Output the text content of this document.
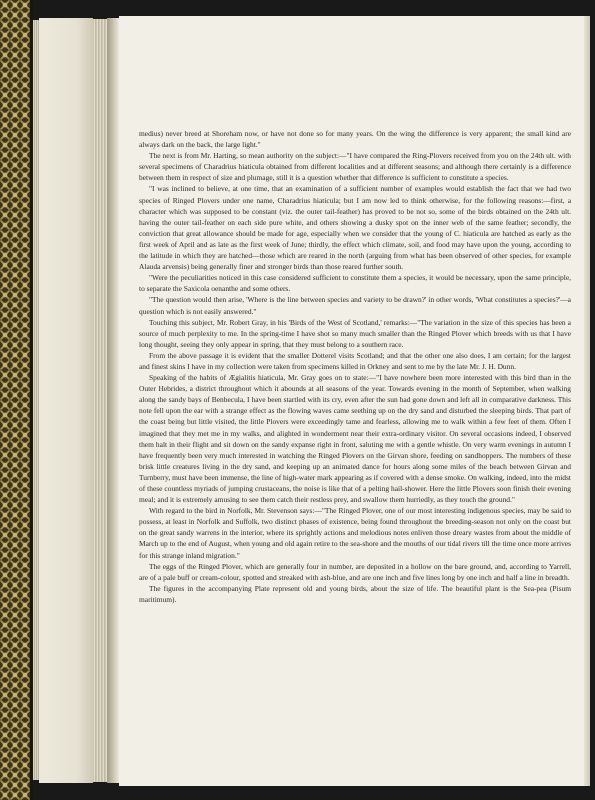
medius) never breed at Shoreham now, or have not done so for many years. On the wing the difference is very apparent; the small kind are always dark on the back, the large light."

The next is from Mr. Harting, so mean authority on the subject:—"I have compared the Ring-Plovers received from you on the 24th ult. with several specimens of Charadrius hiaticula obtained from different localities and at different seasons; and although there certainly is a difference between them in respect of size and plumage, still it is a question whether that difference is sufficient to constitute a species.

"I was inclined to believe, at one time, that an examination of a sufficient number of examples would establish the fact that we had two species of Ringed Plovers under one name, Charadrius hiaticula; but I am now led to think otherwise, for the following reasons:—first, a character which was supposed to be constant (viz. the outer tail-feather) has proved to be not so, some of the birds obtained on the 24th ult. having the outer tail-feather on each side pure white, and others showing a dusky spot on the inner web of the same feather; secondly, the conviction that great allowance should be made for age, especially when we consider that the young of C. hiaticula are hatched as early as the first week of April and as late as the first week of June; thirdly, the effect which climate, soil, and food may have upon the young, according to the latitude in which they are hatched—those which are reared in the north (arguing from what has been observed of other species, for example Alauda arvensis) being generally finer and stronger birds than those reared further south.

"Were the peculiarities noticed in this case considered sufficient to constitute them a species, it would be necessary, upon the same principle, to separate the Saxicola oenanthe and some others.

"The question would then arise, 'Where is the line between species and variety to be drawn?' in other words, 'What constitutes a species?'—a question which is not easily answered."

Touching this subject, Mr. Robert Gray, in his 'Birds of the West of Scotland,' remarks:—"The variation in the size of this species has been a source of much perplexity to me. In the spring-time I have shot so many much smaller than the Ringed Plover which breeds with us that I have long thought, seeing they only appear in spring, that they must belong to a southern race.

From the above passage it is evident that the smaller Dotterel visits Scotland; and that the other one also does, I am certain; for the largest and finest skins I have in my collection were taken from specimens killed in Orkney and sent to me by the late Mr. J. H. Dunn.

Speaking of the habits of Ægialitis hiaticula, Mr. Gray goes on to state:—"I have nowhere been more interested with this bird than in the Outer Hebrides, a district throughout which it abounds at all seasons of the year. Towards evening in the month of September, when walking along the sandy bays of Benbecula, I have been startled with its cry, even after the sun had gone down and left all in comparative darkness. This note fell upon the ear with a strange effect as the flowing waves came seething up on the dry sand and disturbed the sleeping birds. That part of the coast being but little visited, the little Plovers were exceedingly tame and fearless, allowing me to walk within a few feet of them. Often I imagined that they met me in my walks, and alighted in wonderment near their extra-ordinary visitor. On several occasions indeed, I observed them halt in their flight and sit down on the sandy expanse right in front, saluting me with a gentle whistle. On very warm evenings in autumn I have frequently been very much interested in watching the Ringed Plovers on the Girvan shore, feeding on sandhoppers. The numbers of these brisk little creatures living in the dry sand, and keeping up an animated dance for hours along some miles of the beach between Girvan and Turnberry, must have been immense, the line of high-water mark appearing as if covered with a dense smoke. On walking, indeed, into the midst of these countless myriads of jumping crustaceans, the noise is like that of a pelting hail-shower. Here the little Plovers soon finish their evening meal; and it is extremely amusing to see them catch their restless prey, and swallow them hurriedly, as they touch the ground."

With regard to the bird in Norfolk, Mr. Stevenson says:—"The Ringed Plover, one of our most interesting indigenous species, may be said to possess, at least in Norfolk and Suffolk, two distinct phases of existence, being found throughout the breeding-season not only on the coast but on the great sandy warrens in the interior, where its sprightly actions and melodious notes enliven those dreary wastes from about the middle of March up to the end of August, when young and old again retire to the sea-shore and the mouths of our tidal rivers till the time once more arrives for this strange inland migration."

The eggs of the Ringed Plover, which are generally four in number, are deposited in a hollow on the bare ground, and, according to Yarrell, are of a pale buff or cream-colour, spotted and streaked with ash-blue, and are one inch and five lines long by one inch and half a line in breadth.

The figures in the accompanying Plate represent old and young birds, about the size of life. The beautiful plant is the Sea-pea (Pisum maritimum).
